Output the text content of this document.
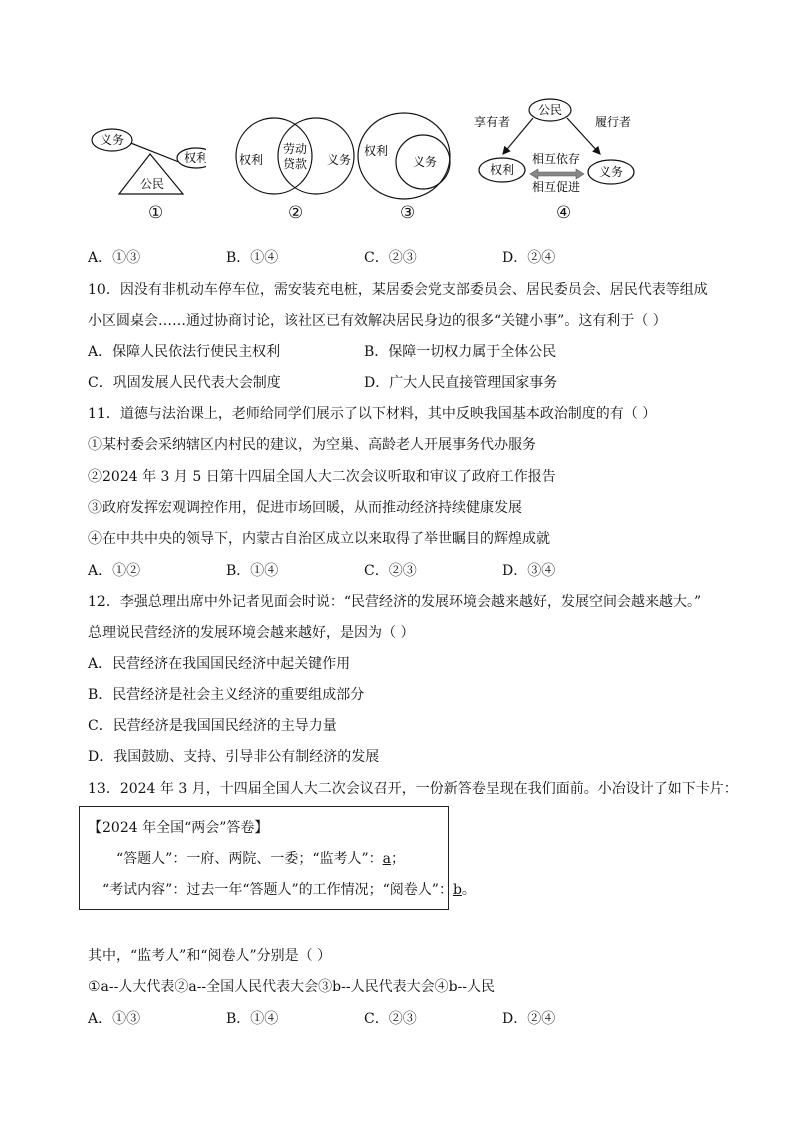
义务
权利
公民
①
权利
劳动
贷款 义务
②
权利
义务
③
公民
享有者	履行者
权利	义务
相互依存
相互促进
④
A．①③	B．①④	C．②③	D．②④
10．因没有非机动车停车位，需安装充电桩，某居委会党支部委员会、居民委员会、居民代表等组成
小区圆桌会……通过协商讨论，该社区已有效解决居民身边的很多“关键小事”。这有利于（ ）
A．保障人民依法行使民主权利	B．保障一切权力属于全体公民
C．巩固发展人民代表大会制度	D．广大人民直接管理国家事务
11．道德与法治课上，老师给同学们展示了以下材料，其中反映我国基本政治制度的有（ ）
①某村委会采纳辖区内村民的建议，为空巢、高龄老人开展事务代办服务
②2024 年 3 月 5 日第十四届全国人大二次会议听取和审议了政府工作报告
③政府发挥宏观调控作用，促进市场回暖，从而推动经济持续健康发展
④在中共中央的领导下，内蒙古自治区成立以来取得了举世瞩目的辉煌成就
A．①②	B．①④	C．②③	D．③④
12．李强总理出席中外记者见面会时说：“民营经济的发展环境会越来越好，发展空间会越来越大。”
总理说民营经济的发展环境会越来越好，是因为（ ）
A．民营经济在我国国民经济中起关键作用
B．民营经济是社会主义经济的重要组成部分
C．民营经济是我国国民经济的主导力量
D．我国鼓励、支持、引导非公有制经济的发展
13．2024 年 3 月，十四届全国人大二次会议召开，一份新答卷呈现在我们面前。小冶设计了如下卡片：
【2024 年全国“两会”答卷】
“答题人”：一府、两院、一委；“监考人”：a；
“考试内容”：过去一年“答题人”的工作情况；“阅卷人”：b。
其中，“监考人”和“阅卷人”分别是（ ）
①a--人大代表②a--全国人民代表大会③b--人民代表大会④b--人民
A．①③	B．①④	C．②③	D．②④
